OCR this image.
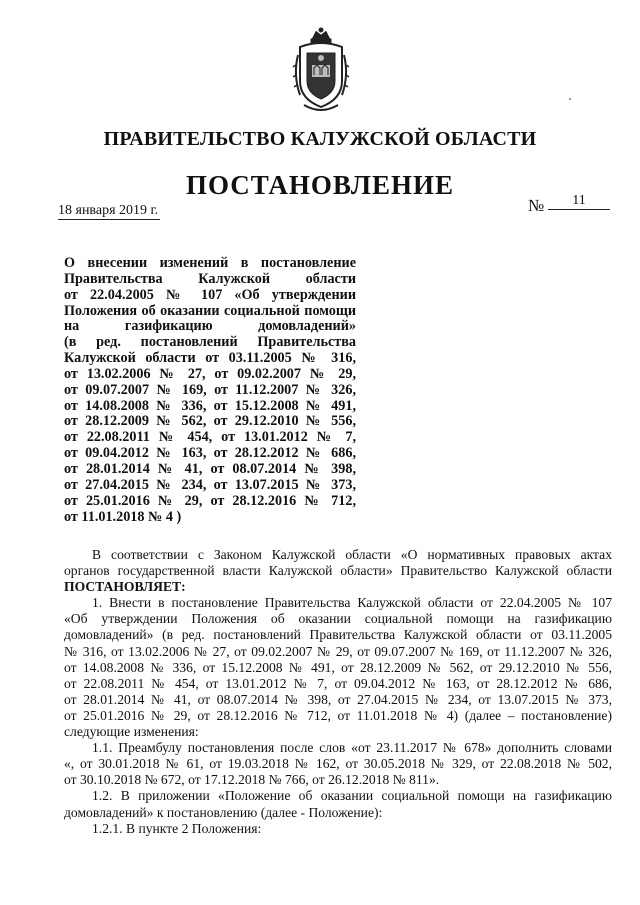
ПРАВИТЕЛЬСТВО КАЛУЖСКОЙ ОБЛАСТИ
ПОСТАНОВЛЕНИЕ
18 января 2019 г.	№	11
О внесении изменений в постановление
Правительства Калужской области
от 22.04.2005 № 107 «Об утверждении
Положения об оказании социальной помощи
на газификацию домовладений»
(в ред. постановлений Правительства
Калужской области от 03.11.2005 № 316,
от 13.02.2006 № 27, от 09.02.2007 № 29,
от 09.07.2007 № 169, от 11.12.2007 № 326,
от 14.08.2008 № 336, от 15.12.2008 № 491,
от 28.12.2009 № 562, от 29.12.2010 № 556,
от 22.08.2011 № 454, от 13.01.2012 № 7,
от 09.04.2012 № 163, от 28.12.2012 № 686,
от 28.01.2014 № 41, от 08.07.2014 № 398,
от 27.04.2015 № 234, от 13.07.2015 № 373,
от 25.01.2016 № 29, от 28.12.2016 № 712,
от 11.01.2018 № 4 )
В соответствии с Законом Калужской области «О нормативных правовых актах
органов государственной власти Калужской области» Правительство Калужской области
ПОСТАНОВЛЯЕТ:
1. Внести в постановление Правительства Калужской области от 22.04.2005 № 107
«Об утверждении Положения об оказании социальной помощи на газификацию
домовладений» (в ред. постановлений Правительства Калужской области от 03.11.2005
№ 316, от 13.02.2006 № 27, от 09.02.2007 № 29, от 09.07.2007 № 169, от 11.12.2007 № 326,
от 14.08.2008 № 336, от 15.12.2008 № 491, от 28.12.2009 № 562, от 29.12.2010 № 556,
от 22.08.2011 № 454, от 13.01.2012 № 7, от 09.04.2012 № 163, от 28.12.2012 № 686,
от 28.01.2014 № 41, от 08.07.2014 № 398, от 27.04.2015 № 234, от 13.07.2015 № 373,
от 25.01.2016 № 29, от 28.12.2016 № 712, от 11.01.2018 № 4) (далее – постановление)
следующие изменения:
1.1. Преамбулу постановления после слов «от 23.11.2017 № 678» дополнить словами
«, от 30.01.2018 № 61, от 19.03.2018 № 162, от 30.05.2018 № 329, от 22.08.2018 № 502,
от 30.10.2018 № 672, от 17.12.2018 № 766, от 26.12.2018 № 811».
1.2. В приложении «Положение об оказании социальной помощи на газификацию
домовладений» к постановлению (далее - Положение):
1.2.1. В пункте 2 Положения:
